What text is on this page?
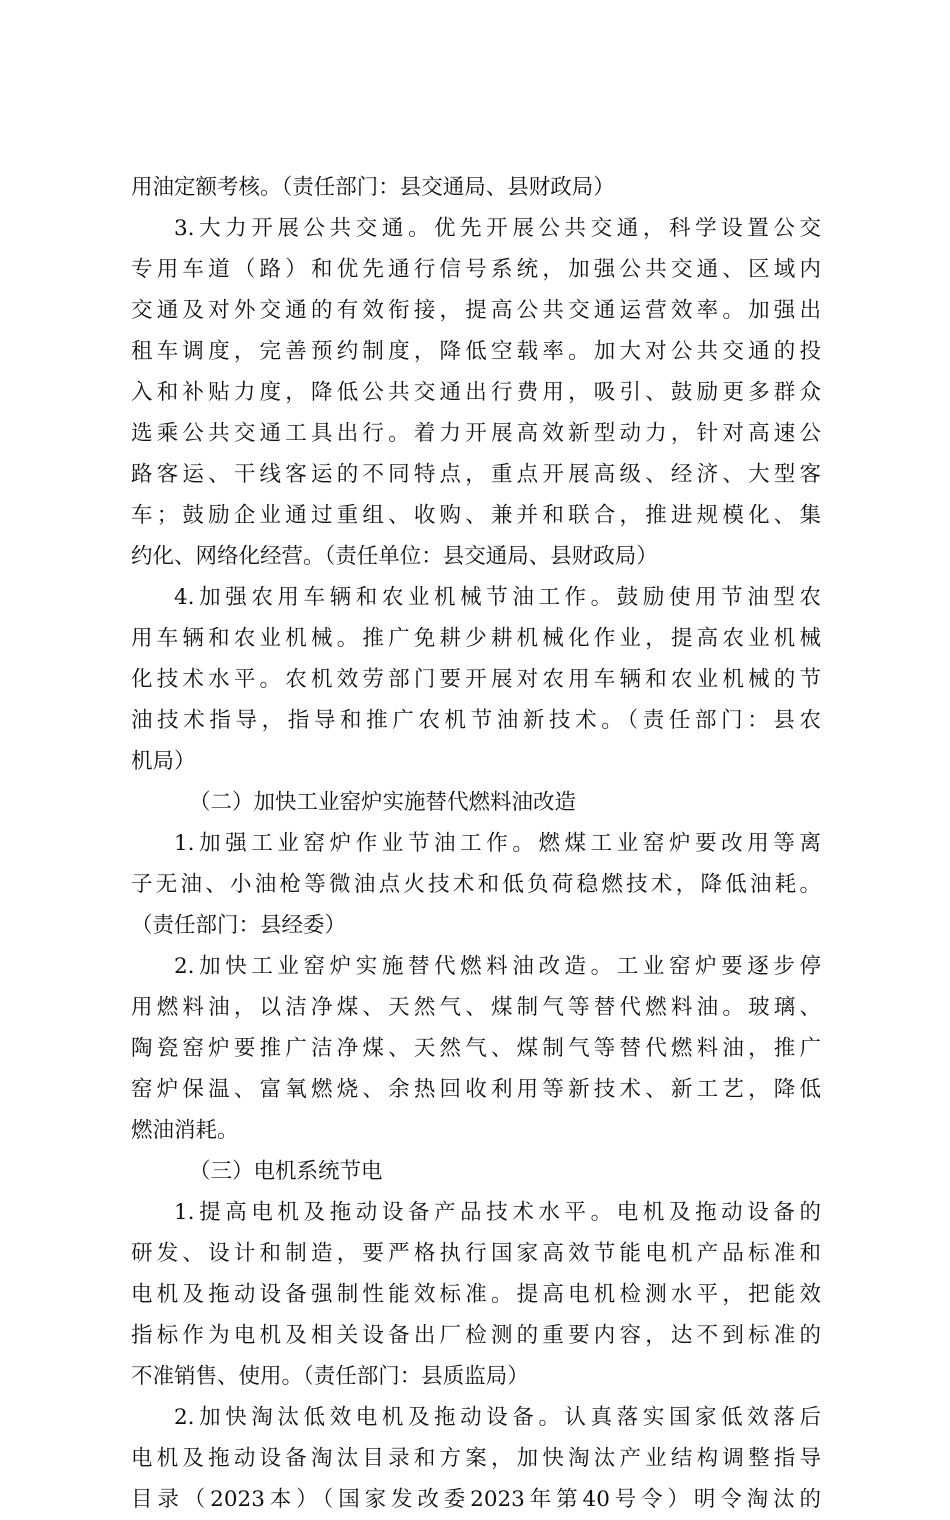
用油定额考核。（责任部门：县交通局、县财政局）
3.大力开展公共交通。优先开展公共交通，科学设置公交
专用车道（路）和优先通行信号系统，加强公共交通、区域内
交通及对外交通的有效衔接，提高公共交通运营效率。加强出
租车调度，完善预约制度，降低空载率。加大对公共交通的投
入和补贴力度，降低公共交通出行费用，吸引、鼓励更多群众
选乘公共交通工具出行。着力开展高效新型动力，针对高速公
路客运、干线客运的不同特点，重点开展高级、经济、大型客
车；鼓励企业通过重组、收购、兼并和联合，推进规模化、集
约化、网络化经营。（责任单位：县交通局、县财政局）
4.加强农用车辆和农业机械节油工作。鼓励使用节油型农
用车辆和农业机械。推广免耕少耕机械化作业，提高农业机械
化技术水平。农机效劳部门要开展对农用车辆和农业机械的节
油技术指导，指导和推广农机节油新技术。（责任部门：县农
机局）
（二）加快工业窑炉实施替代燃料油改造
1.加强工业窑炉作业节油工作。燃煤工业窑炉要改用等离
子无油、小油枪等微油点火技术和低负荷稳燃技术，降低油耗。
（责任部门：县经委）
2.加快工业窑炉实施替代燃料油改造。工业窑炉要逐步停
用燃料油，以洁净煤、天然气、煤制气等替代燃料油。玻璃、
陶瓷窑炉要推广洁净煤、天然气、煤制气等替代燃料油，推广
窑炉保温、富氧燃烧、余热回收利用等新技术、新工艺，降低
燃油消耗。
（三）电机系统节电
1.提高电机及拖动设备产品技术水平。电机及拖动设备的
研发、设计和制造，要严格执行国家高效节能电机产品标准和
电机及拖动设备强制性能效标准。提高电机检测水平，把能效
指标作为电机及相关设备出厂检测的重要内容，达不到标准的
不准销售、使用。（责任部门：县质监局）
2.加快淘汰低效电机及拖动设备。认真落实国家低效落后
电机及拖动设备淘汰目录和方案，加快淘汰产业结构调整指导
目录（2023本）（国家发改委2023年第40号令）明令淘汰的
